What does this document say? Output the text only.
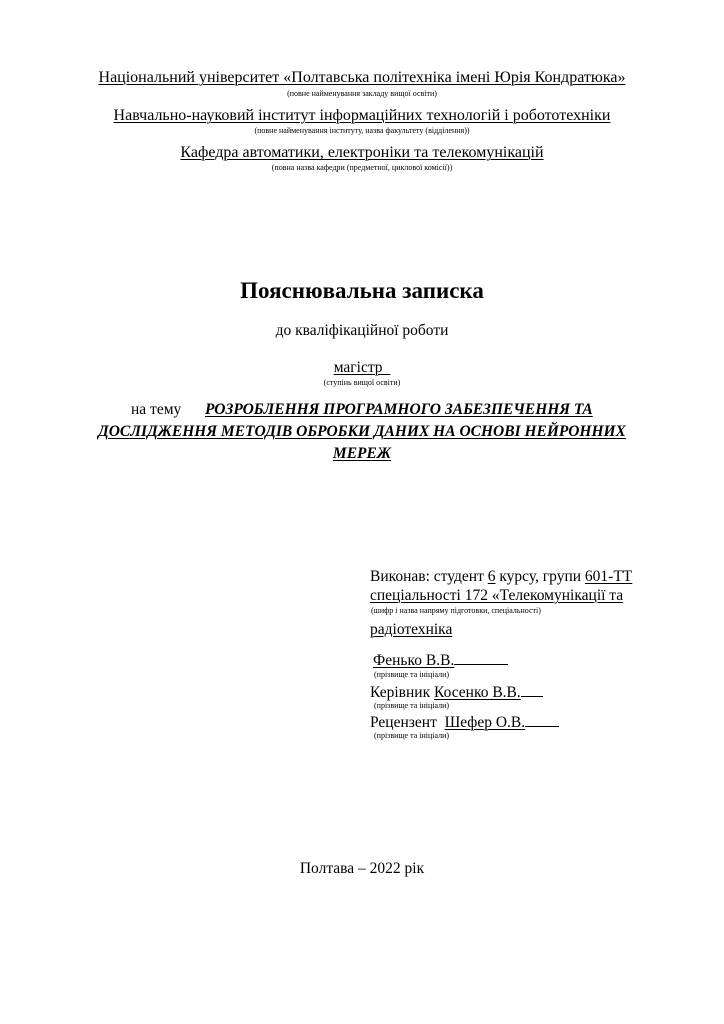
Національний університет «Полтавська політехніка імені Юрія Кондратюка»
(повне найменування закладу вищої освіти)
Навчально-науковий інститут інформаційних технологій і робототехніки
(повне найменування інституту, назва факультету (відділення))
Кафедра автоматики, електроніки та телекомунікацій
(повна назва кафедри (предметної, циклової комісії))
Пояснювальна записка
до кваліфікаційної роботи
магістр
(ступінь вищої освіти)
на тему РОЗРОБЛЕННЯ ПРОГРАМНОГО ЗАБЕЗПЕЧЕННЯ ТА
ДОСЛІДЖЕННЯ МЕТОДІВ ОБРОБКИ ДАНИХ НА ОСНОВІ НЕЙРОННИХ
МЕРЕЖ
Виконав: студент 6 курсу, групи 601-ТТ
спеціальності 172 «Телекомунікації та
(шифр і назва напряму підготовки, спеціальності)
радіотехніка
Фенько В.В.
(прізвище та ініціали)
Керівник Косенко В.В.
(прізвище та ініціали)
Рецензент Шефер О.В.
(прізвище та ініціали)
Полтава – 2022 рік
